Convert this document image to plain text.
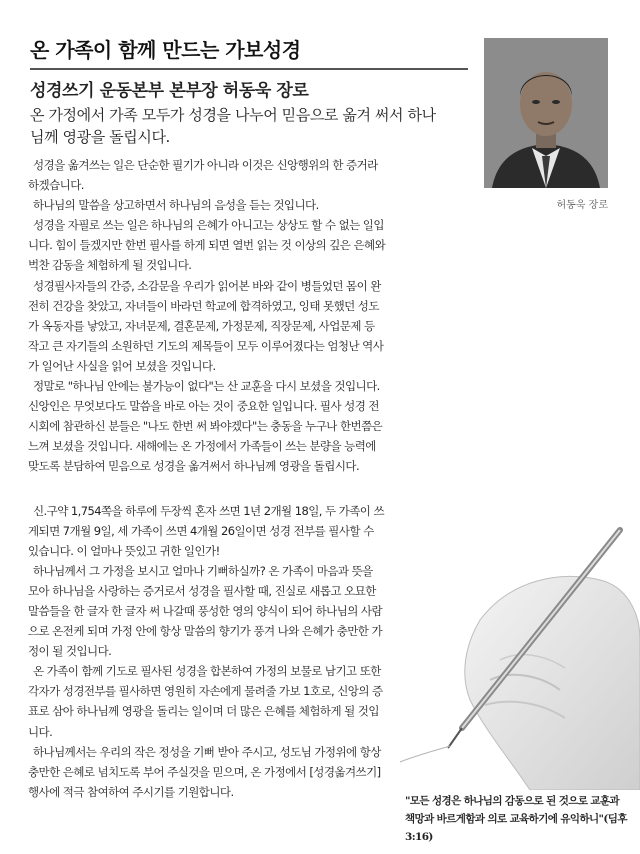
온 가족이 함께 만드는 가보성경
성경쓰기 운동본부 본부장 허동욱 장로

온 가정에서 가족 모두가 성경을 나누어 믿음으로 옮겨 써서 하나님께 영광을 돌립시다.

허동욱 장로

성경을 옮겨쓰는 일은 단순한 필기가 아니라 이것은 신앙행위의 한 증거라 하겠습니다.

하나님의 말씀을 상고하면서 하나님의 음성을 듣는 것입니다.

성경을 자필로 쓰는 일은 하나님의 은혜가 아니고는 상상도 할 수 없는 일입니다. 힘이 들겠지만 한번 필사를 하게 되면 열번 읽는 것 이상의 깊은 은혜와 벅찬 감동을 체험하게 될 것입니다.

성경필사자들의 간증, 소감문을 우리가 읽어본 바와 같이 병들었던 몸이 완전히 건강을 찾았고, 자녀들이 바라던 학교에 합격하였고, 잉태 못했던 성도가 옥동자를 낳았고, 자녀문제, 결혼문제, 가정문제, 직장문제, 사업문제 등 작고 큰 자기들의 소원하던 기도의 제목들이 모두 이루어졌다는 엄청난 역사가 일어난 사실을 읽어 보셨을 것입니다.

정말로 "하나님 안에는 불가능이 없다"는 산 교훈을 다시 보셨을 것입니다. 신앙인은 무엇보다도 말씀을 바로 아는 것이 중요한 일입니다. 필사 성경 전시회에 참관하신 분들은 "나도 한번 써 봐야겠다"는 충동을 누구나 한번쯤은 느껴 보셨을 것입니다. 새해에는 온 가정에서 가족들이 쓰는 분량을 능력에 맞도록 분담하여 믿음으로 성경을 옮겨써서 하나님께 영광을 돌립시다.

신.구약 1,754쪽을 하루에 두장씩 혼자 쓰면 1년 2개월 18일, 두 가족이 쓰게되면 7개월 9일, 세 가족이 쓰면 4개월 26일이면 성경 전부를 필사할 수 있습니다. 이 얼마나 뜻있고 귀한 일인가!

하나님께서 그 가정을 보시고 얼마나 기뻐하실까? 온 가족이 마음과 뜻을 모아 하나님을 사랑하는 증거로서 성경을 필사할 때, 진실로 새롭고 오묘한 말씀들을 한 글자 한 글자 써 나갈때 풍성한 영의 양식이 되어 하나님의 사람으로 온전케 되며 가정 안에 항상 말씀의 향기가 풍겨 나와 은혜가 충만한 가정이 될 것입니다.

온 가족이 함께 기도로 필사된 성경을 합본하여 가정의 보물로 남기고 또한 각자가 성경전부를 필사하면 영원히 자손에게 물려줄 가보 1호로, 신앙의 증표로 삼아 하나님께 영광을 돌리는 일이며 더 많은 은혜를 체험하게 될 것입니다.

하나님께서는 우리의 작은 정성을 기뻐 받아 주시고, 성도님 가정위에 항상 충만한 은혜로 넘치도록 부어 주실것을 믿으며, 온 가정에서 [성경옮겨쓰기] 행사에 적극 참여하여 주시기를 기원합니다.

"모든 성경은 하나님의 감동으로 된 것으로 교훈과 책망과 바르게함과 의로 교육하기에 유익하니"(딤후3:16)
